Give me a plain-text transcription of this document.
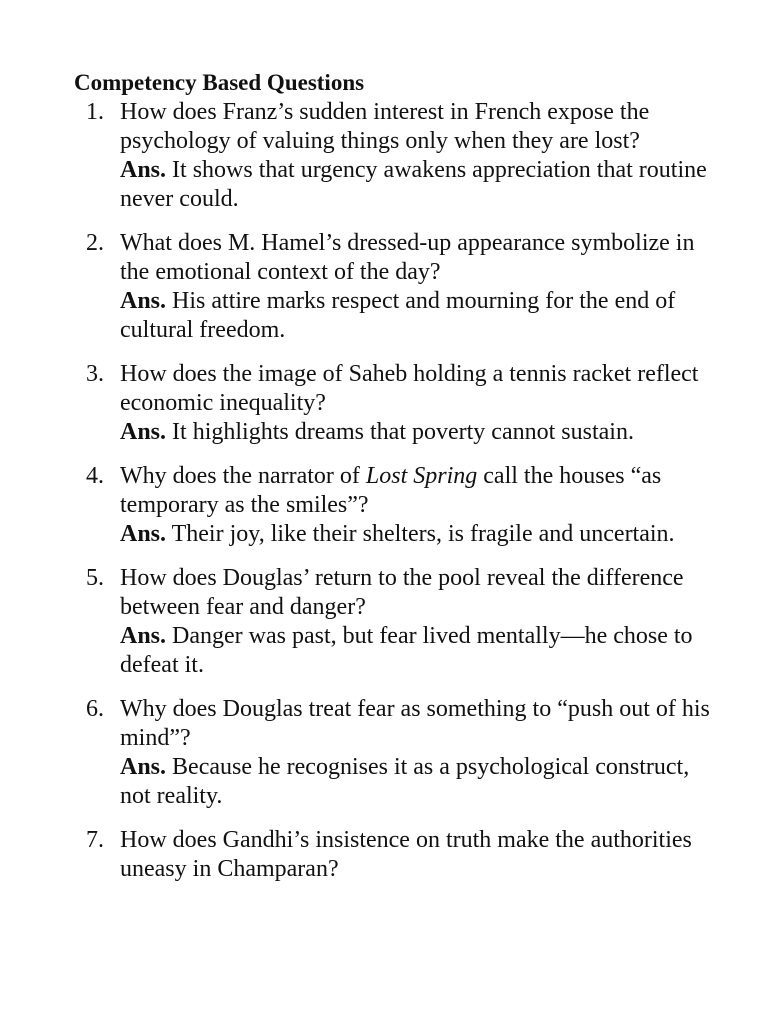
Competency Based Questions
1. How does Franz’s sudden interest in French expose the psychology of valuing things only when they are lost?
Ans. It shows that urgency awakens appreciation that routine never could.
2. What does M. Hamel’s dressed-up appearance symbolize in the emotional context of the day?
Ans. His attire marks respect and mourning for the end of cultural freedom.
3. How does the image of Saheb holding a tennis racket reflect economic inequality?
Ans. It highlights dreams that poverty cannot sustain.
4. Why does the narrator of Lost Spring call the houses “as temporary as the smiles”?
Ans. Their joy, like their shelters, is fragile and uncertain.
5. How does Douglas’ return to the pool reveal the difference between fear and danger?
Ans. Danger was past, but fear lived mentally—he chose to defeat it.
6. Why does Douglas treat fear as something to “push out of his mind”?
Ans. Because he recognises it as a psychological construct, not reality.
7. How does Gandhi’s insistence on truth make the authorities uneasy in Champaran?
